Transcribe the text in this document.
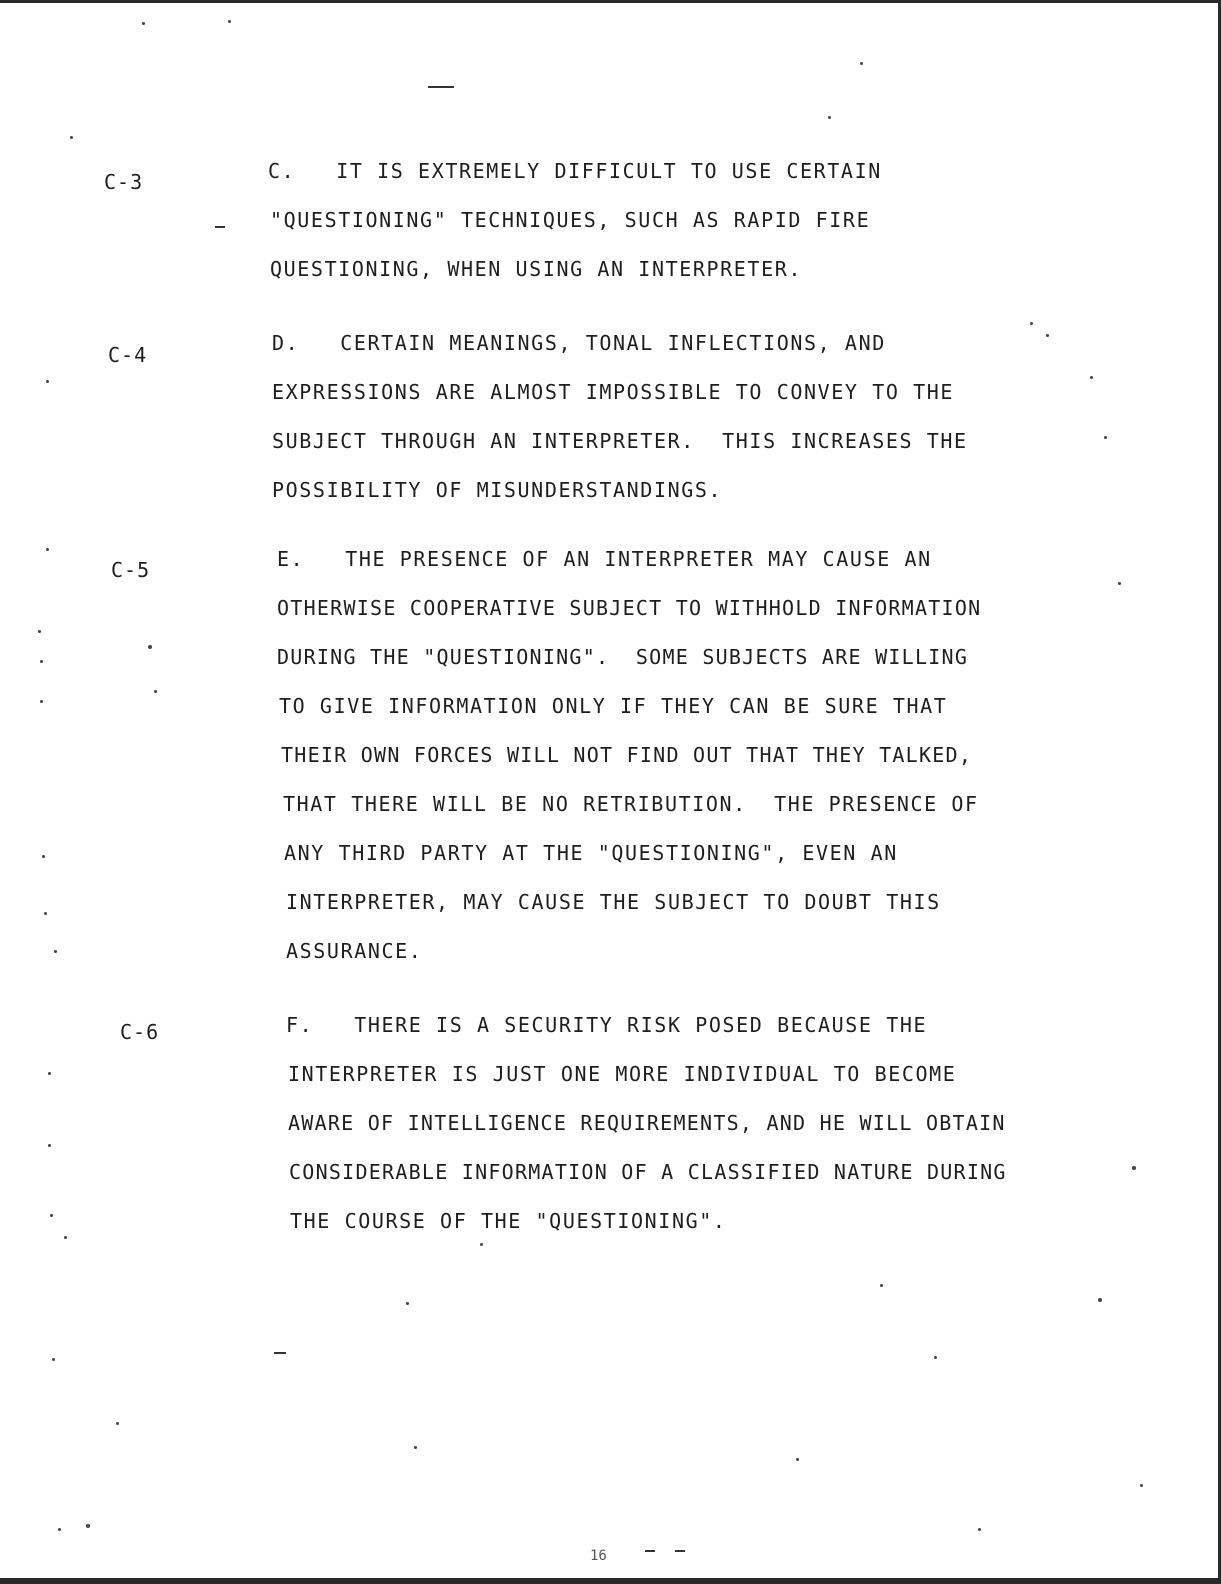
C-3	C.   IT IS EXTREMELY DIFFICULT TO USE CERTAIN
"QUESTIONING" TECHNIQUES, SUCH AS RAPID FIRE
QUESTIONING, WHEN USING AN INTERPRETER.
C-4	D.   CERTAIN MEANINGS, TONAL INFLECTIONS, AND
EXPRESSIONS ARE ALMOST IMPOSSIBLE TO CONVEY TO THE
SUBJECT THROUGH AN INTERPRETER.  THIS INCREASES THE
POSSIBILITY OF MISUNDERSTANDINGS.
C-5	E.   THE PRESENCE OF AN INTERPRETER MAY CAUSE AN
OTHERWISE COOPERATIVE SUBJECT TO WITHHOLD INFORMATION
DURING THE "QUESTIONING".  SOME SUBJECTS ARE WILLING
TO GIVE INFORMATION ONLY IF THEY CAN BE SURE THAT
THEIR OWN FORCES WILL NOT FIND OUT THAT THEY TALKED,
THAT THERE WILL BE NO RETRIBUTION.  THE PRESENCE OF
ANY THIRD PARTY AT THE "QUESTIONING", EVEN AN
INTERPRETER, MAY CAUSE THE SUBJECT TO DOUBT THIS
ASSURANCE.
C-6	F.   THERE IS A SECURITY RISK POSED BECAUSE THE
INTERPRETER IS JUST ONE MORE INDIVIDUAL TO BECOME
AWARE OF INTELLIGENCE REQUIREMENTS, AND HE WILL OBTAIN
CONSIDERABLE INFORMATION OF A CLASSIFIED NATURE DURING
THE COURSE OF THE "QUESTIONING".
16
